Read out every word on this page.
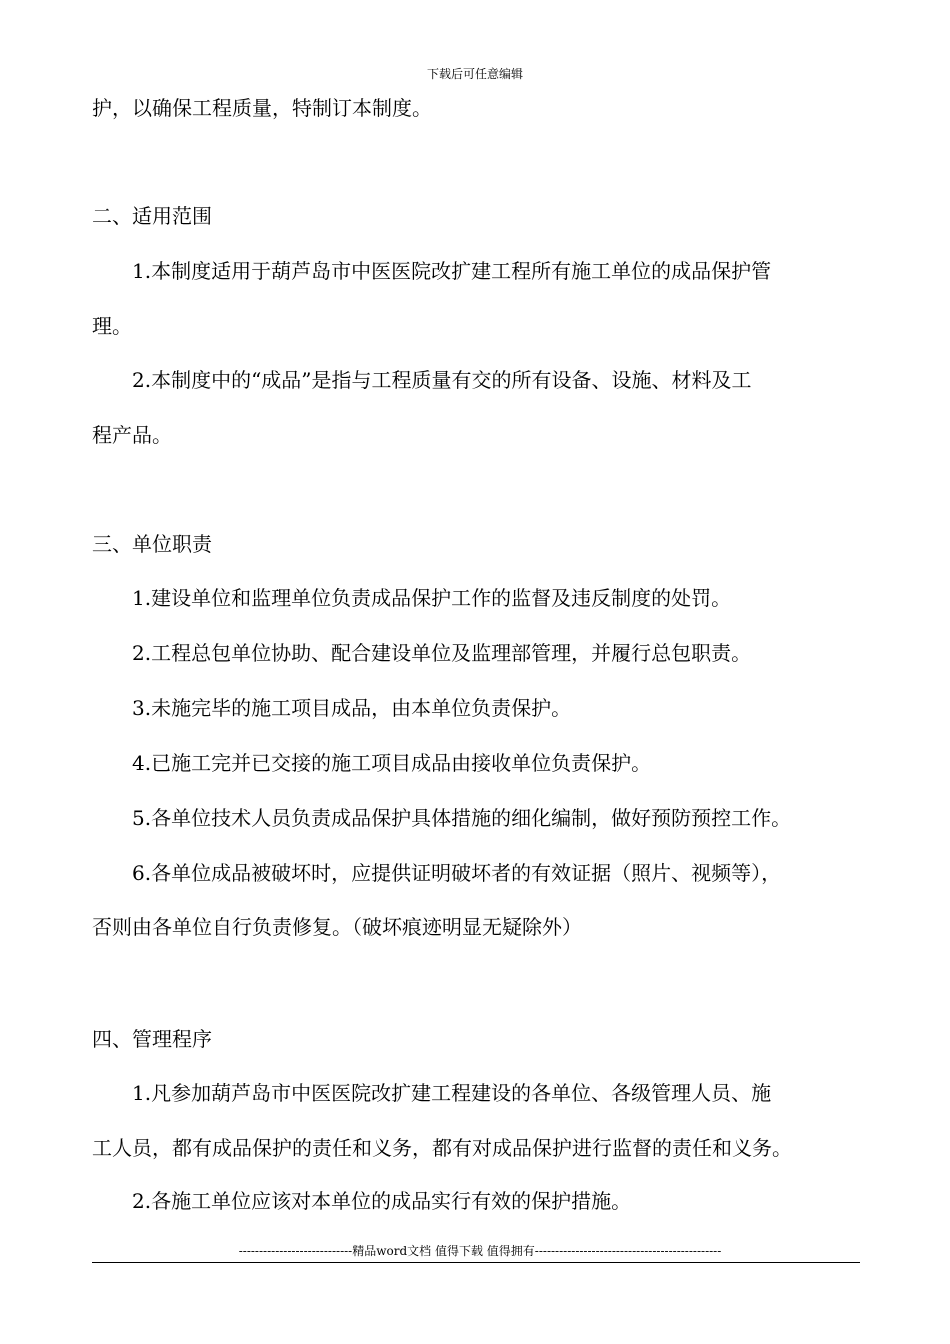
下载后可任意编辑
护，以确保工程质量，特制订本制度。
二、适用范围
1.本制度适用于葫芦岛市中医医院改扩建工程所有施工单位的成品保护管
理。
2.本制度中的“成品”是指与工程质量有交的所有设备、设施、材料及工
程产品。
三、单位职责
1.建设单位和监理单位负责成品保护工作的监督及违反制度的处罚。
2.工程总包单位协助、配合建设单位及监理部管理，并履行总包职责。
3.未施完毕的施工项目成品，由本单位负责保护。
4.已施工完并已交接的施工项目成品由接收单位负责保护。
5.各单位技术人员负责成品保护具体措施的细化编制，做好预防预控工作。
6.各单位成品被破坏时，应提供证明破坏者的有效证据（照片、视频等），
否则由各单位自行负责修复。（破坏痕迹明显无疑除外）
四、管理程序
1.凡参加葫芦岛市中医医院改扩建工程建设的各单位、各级管理人员、施
工人员，都有成品保护的责任和义务，都有对成品保护进行监督的责任和义务。
2.各施工单位应该对本单位的成品实行有效的保护措施。
----------------------------精品word文档 值得下载 值得拥有----------------------------------------------
